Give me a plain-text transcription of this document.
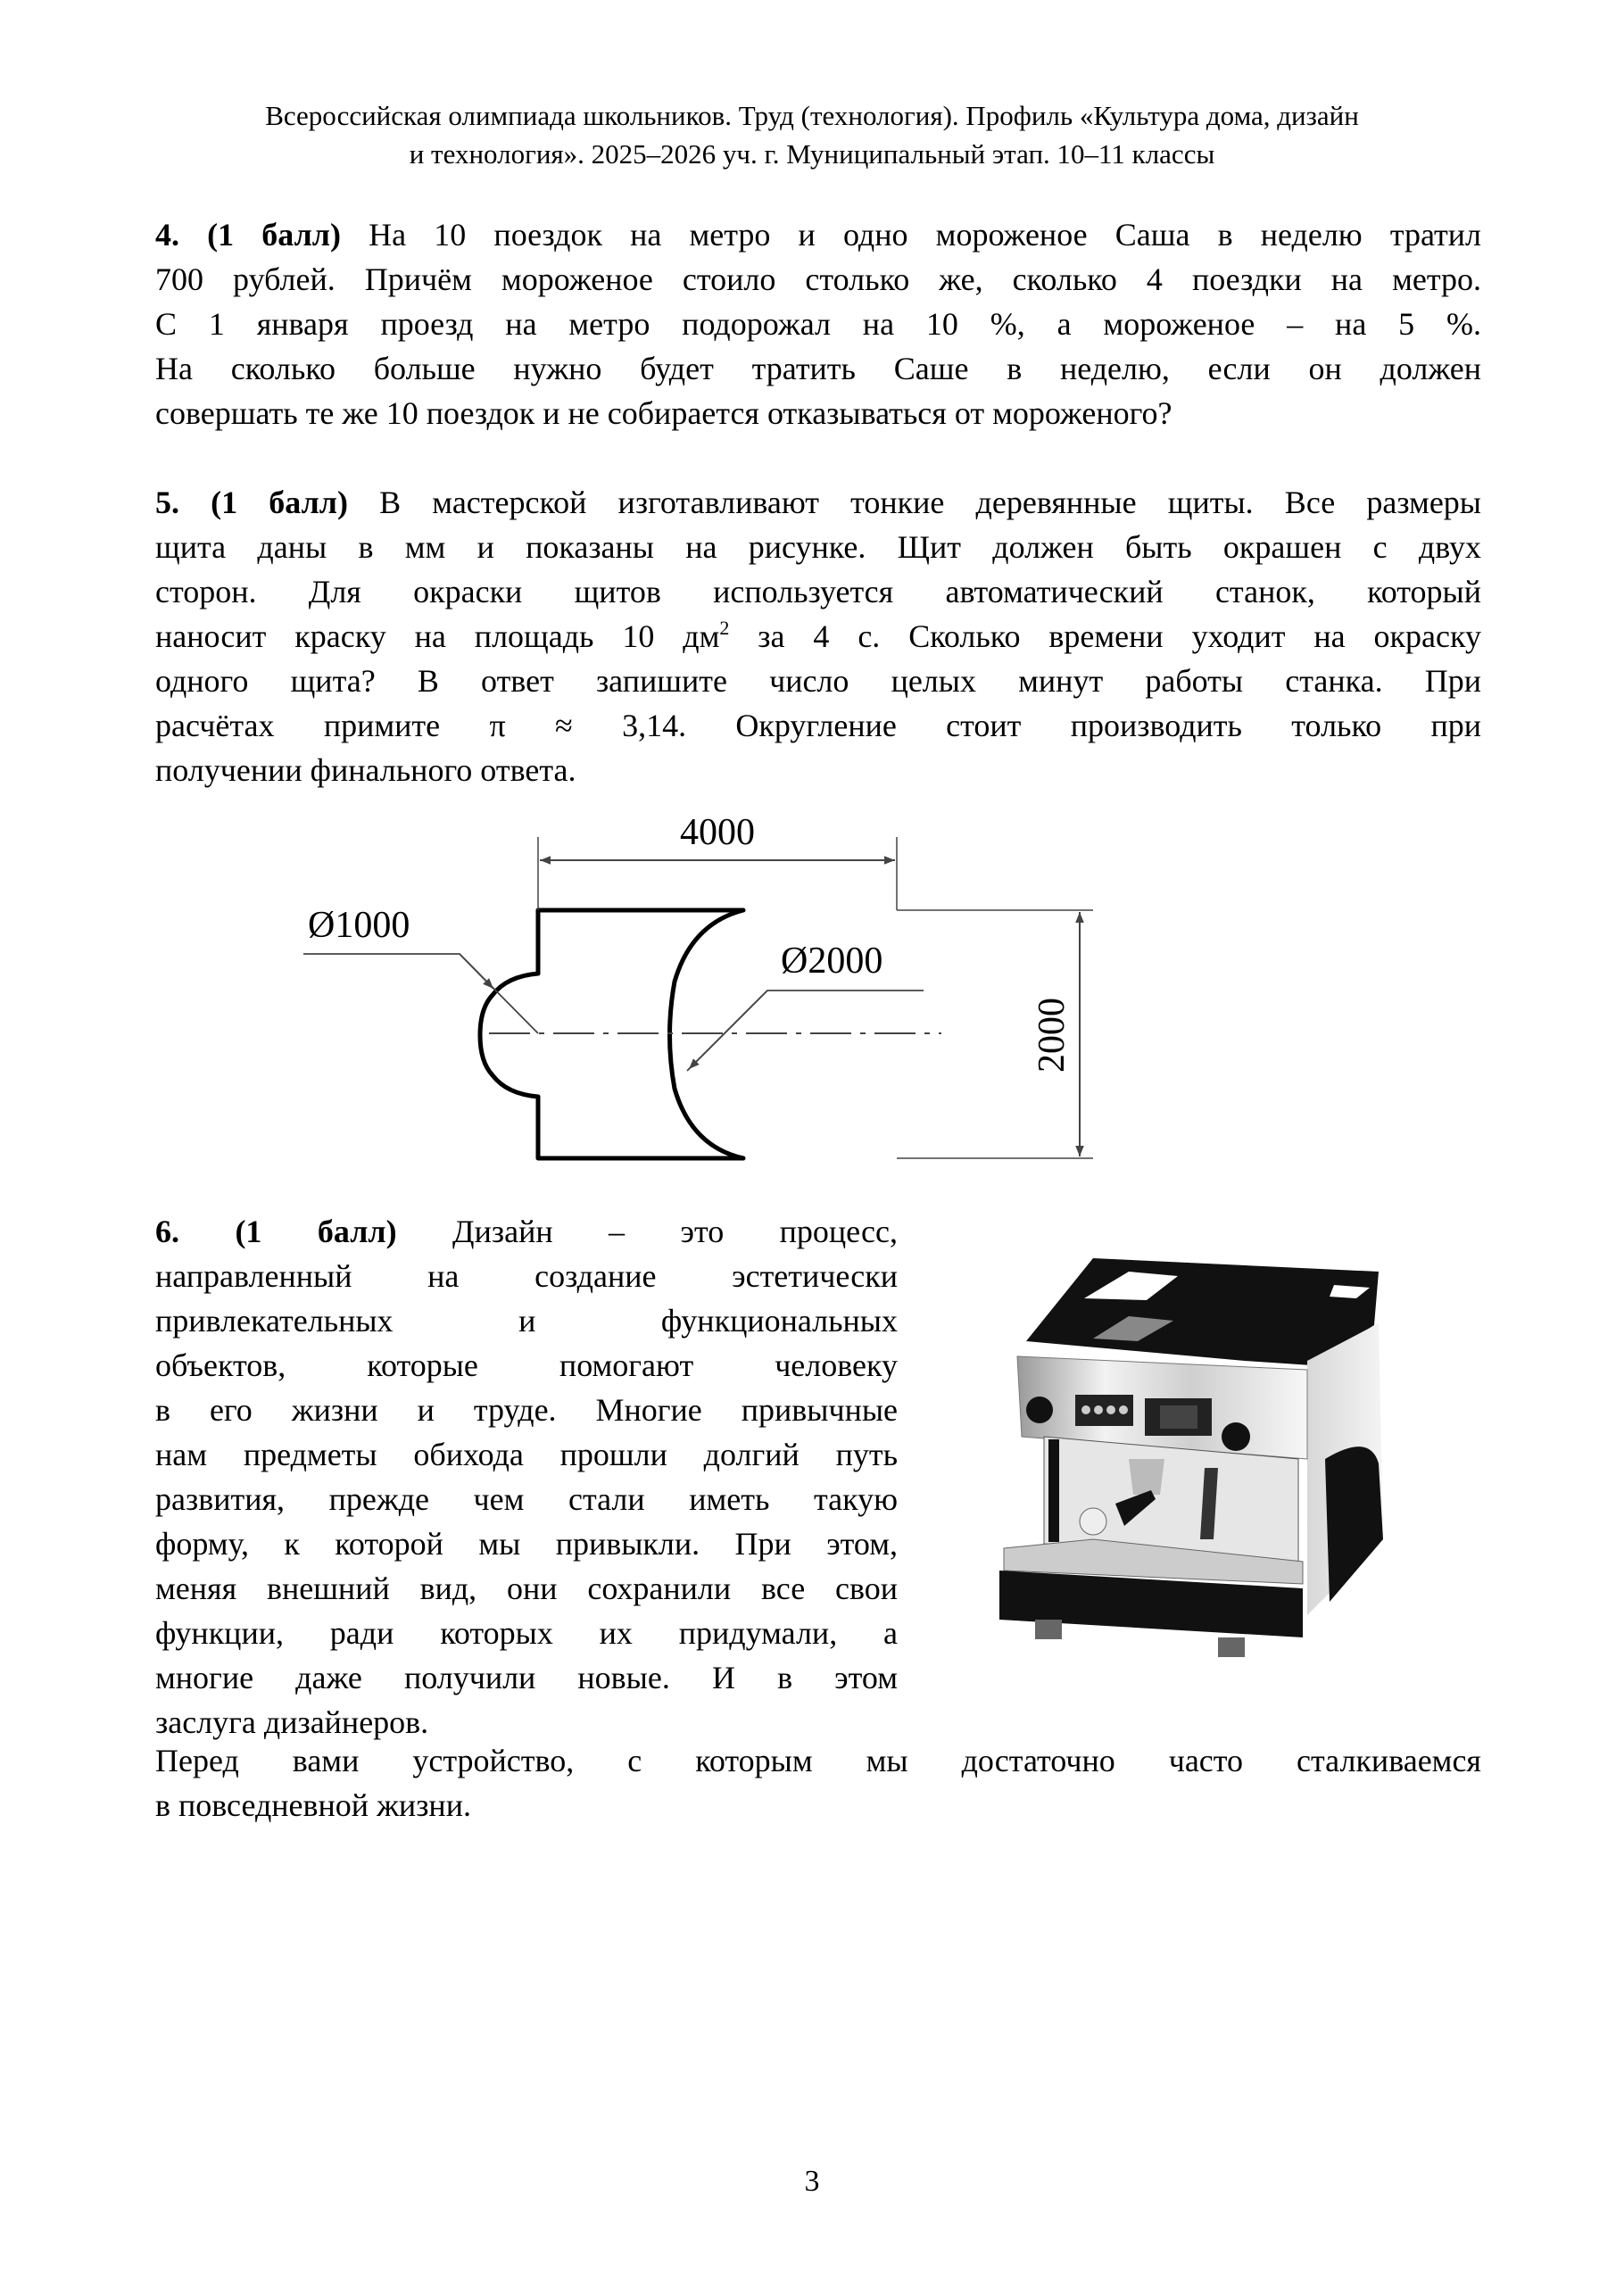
Всероссийская олимпиада школьников. Труд (технология). Профиль «Культура дома, дизайн
и технология». 2025–2026 уч. г. Муниципальный этап. 10–11 классы
4. (1 балл) На 10 поездок на метро и одно мороженое Саша в неделю тратил
700 рублей. Причём мороженое стоило столько же, сколько 4 поездки на метро.
С 1 января проезд на метро подорожал на 10 %, а мороженое – на 5 %.
На сколько больше нужно будет тратить Саше в неделю, если он должен
совершать те же 10 поездок и не собирается отказываться от мороженого?
5. (1 балл) В мастерской изготавливают тонкие деревянные щиты. Все размеры
щита даны в мм и показаны на рисунке. Щит должен быть окрашен с двух
сторон. Для окраски щитов используется автоматический станок, который
наносит краску на площадь 10 $дм^2$ за 4 с. Сколько времени уходит на окраску
одного щита? В ответ запишите число целых минут работы станка. При
расчётах примите π ≈ 3,14. Округление стоит производить только при
получении финального ответа.
4000
2000
Ø1000
Ø2000
6. (1 балл) Дизайн – это процесс,
направленный на создание эстетически
привлекательных и функциональных
объектов, которые помогают человеку
в его жизни и труде. Многие привычные
нам предметы обихода прошли долгий путь
развития, прежде чем стали иметь такую
форму, к которой мы привыкли. При этом,
меняя внешний вид, они сохранили все свои
функции, ради которых их придумали, а
многие даже получили новые. И в этом
заслуга дизайнеров.
Перед вами устройство, с которым мы достаточно часто сталкиваемся
в повседневной жизни.
3
